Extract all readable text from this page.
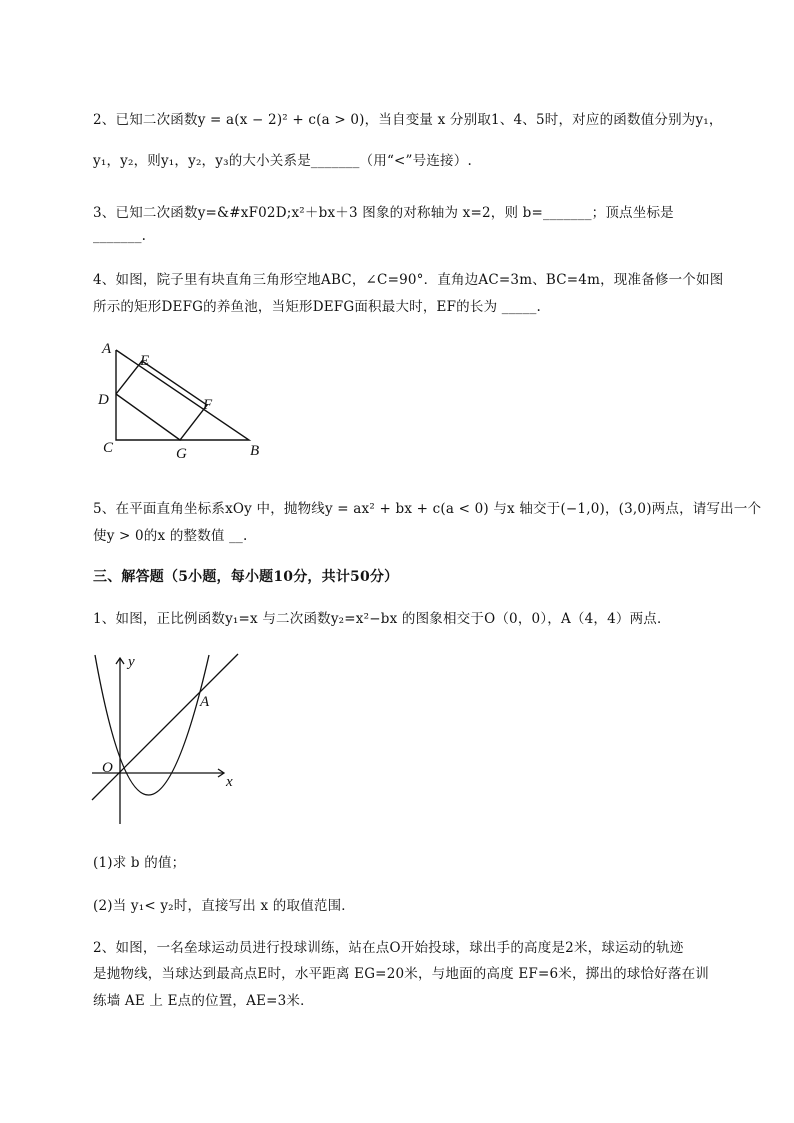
2、已知二次函数y = a(x − 2)² + c(a > 0)，当自变量 x 分别取1、4、5时，对应的函数值分别为y₁，
y₁，y₂，则y₁，y₂，y₃的大小关系是_______（用“<”号连接）.
3、已知二次函数y=&#xF02D;x²＋bx＋3 图象的对称轴为 x=2，则 b=_______；顶点坐标是
_______.
4、如图，院子里有块直角三角形空地ABC，∠C=90°．直角边AC=3m、BC=4m，现准备修一个如图
所示的矩形DEFG的养鱼池，当矩形DEFG面积最大时，EF的长为 _____.
A
E
D	F
C	G	B
5、在平面直角坐标系xOy 中，抛物线y = ax² + bx + c(a < 0) 与x 轴交于(−1,0)，(3,0)两点，请写出一个
使y > 0的x 的整数值 __.
三、解答题（5小题，每小题10分，共计50分）
1、如图，正比例函数y₁=x 与二次函数y₂=x²−bx 的图象相交于O（0，0），A（4，4）两点．
y
x
O
A
(1)求 b 的值；
(2)当 y₁< y₂时，直接写出 x 的取值范围．
2、如图，一名垒球运动员进行投球训练，站在点O开始投球，球出手的高度是2米，球运动的轨迹
是抛物线，当球达到最高点E时，水平距离 EG=20米，与地面的高度 EF=6米，掷出的球恰好落在训
练墙 AE 上 E点的位置，AE=3米．
